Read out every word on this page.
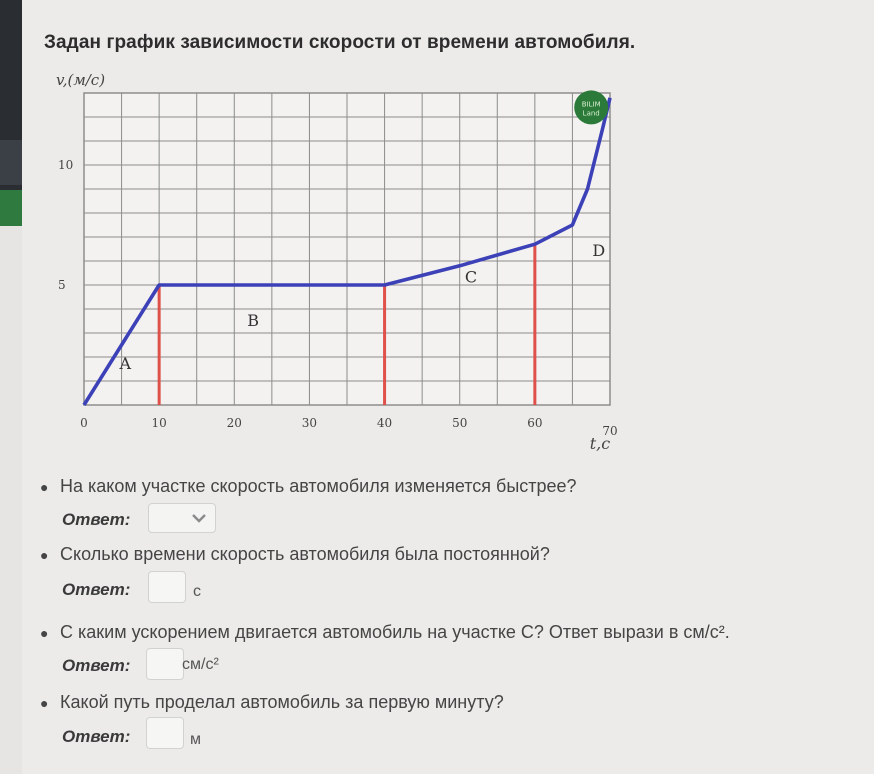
Задан график зависимости скорости от времени автомобиля.
0	10	20	30	40	50	60
70
5
10
v,(м/с)
t,c
A
B
C
D
BILIM
Land
● На каком участке скорость автомобиля изменяется быстрее?
Ответ:
● Сколько времени скорость автомобиля была постоянной?
Ответ:	c
● С каким ускорением двигается автомобиль на участке C? Ответ вырази в см/с².
Ответ:	см/с²
● Какой путь проделал автомобиль за первую минуту?
Ответ:	м
